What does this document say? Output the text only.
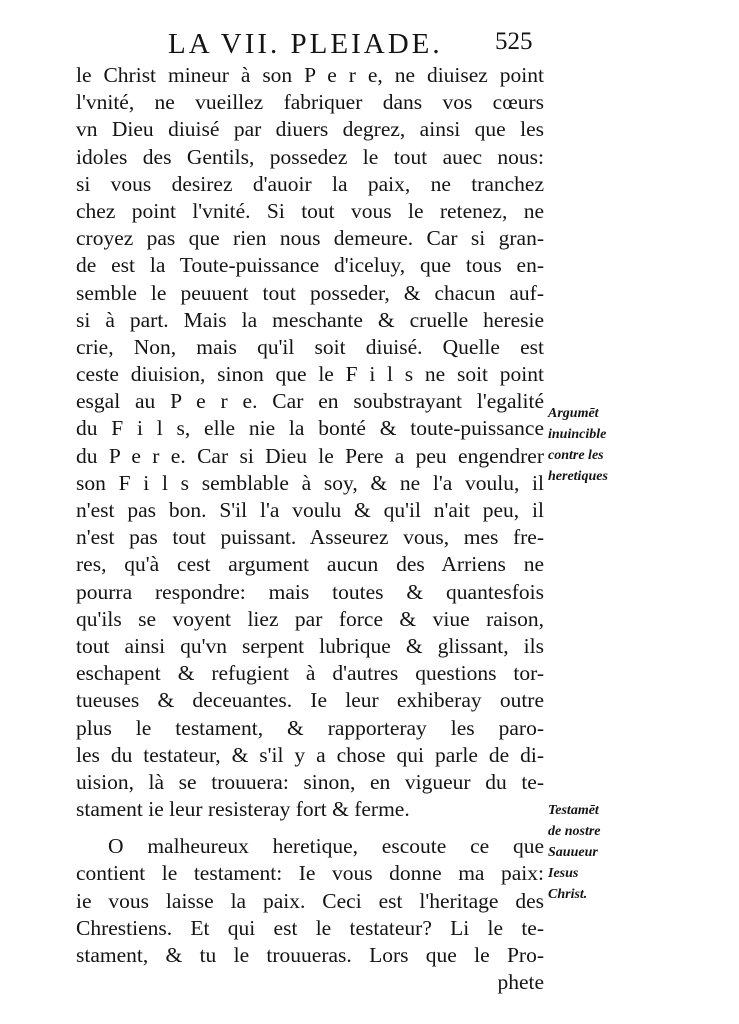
LA VII. PLEIADE. 525
le Christ mineur à son P e r e, ne diuisez point
l'vnité, ne vueillez fabriquer dans vos cœurs
vn Dieu diuisé par diuers degrez, ainsi que les
idoles des Gentils, possedez le tout auec nous:
si vous desirez d'auoir la paix, ne tranchez
chez point l'vnité. Si tout vous le retenez, ne
croyez pas que rien nous demeure. Car si gran-
de est la Toute-puissance d'iceluy, que tous en-
semble le peuuent tout posseder, & chacun auf-
si à part. Mais la meschante & cruelle heresie
crie, Non, mais qu'il soit diuisé. Quelle est
ceste diuision, sinon que le F i l s ne soit point
esgal au P e r e. Car en soubstrayant l'egalité
du F i l s, elle nie la bonté & toute-puissance
du P e r e. Car si Dieu le Pere a peu engendrer
son F i l s semblable à soy, & ne l'a voulu, il
n'est pas bon. S'il l'a voulu & qu'il n'ait peu, il
n'est pas tout puissant. Asseurez vous, mes fre-
res, qu'à cest argument aucun des Arriens ne
pourra respondre: mais toutes & quantesfois
qu'ils se voyent liez par force & viue raison,
tout ainsi qu'vn serpent lubrique & glissant, ils
eschapent & refugient à d'autres questions tor-
tueuses & deceuantes. Ie leur exhiberay outre
plus le testament, & rapporteray les paro-
les du testateur, & s'il y a chose qui parle de di-
uision, là se trouuera: sinon, en vigueur du te-
stament ie leur resisteray fort & ferme.
O malheureux heretique, escoute ce que
contient le testament: Ie vous donne ma paix:
ie vous laisse la paix. Ceci est l'heritage des
Chrestiens. Et qui est le testateur? Li le te-
stament, & tu le trouueras. Lors que le Pro-
phete
Argumēt
inuincible
contre les
heretiques
Testamēt
de nostre
Sauueur
Iesus
Christ.
